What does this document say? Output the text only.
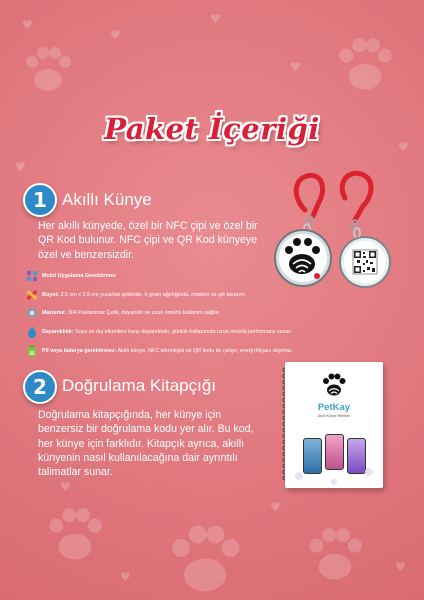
♥
♥
♥
♥
♥
♥
♥
♥
♥
♥
Paket İçeriği
1 Akıllı Künye
Her akıllı künyede, özel bir NFC çipi ve özel bir QR Kod bulunur. NFC çipi ve QR Kod künyeye özel ve benzersizdir.
Mobil Uygulama Gerektirmez
Boyut: 2.5 cm x 2.5 cm yuvarlak şeklinde, 6 gram ağırlığında, modern ve şık tasarım.
Malzeme: 304 Paslanmaz Çelik, dayanıklı ve uzun ömürlü kullanım sağlar.
Dayanıklılık: Suya ve dış etkenlere karşı dayanıklıdır, günlük kullanımda uzun ömürlü performans sunar.
Pil veya batarya gerektirmez: Akıllı künye, NFC teknolojisi ve QR kodu ile çalışır, enerji ihtiyacı duymaz.
2 Doğrulama Kitapçığı
Doğrulama kitapçığında, her künye için benzersiz bir doğrulama kodu yer alır. Bu kod, her künye için farklıdır. Kitapçık ayrıca, akıllı künyenin nasıl kullanılacağına dair ayrıntılı talimatlar sunar.
PetKay
Akıllı Künye Rehberi
